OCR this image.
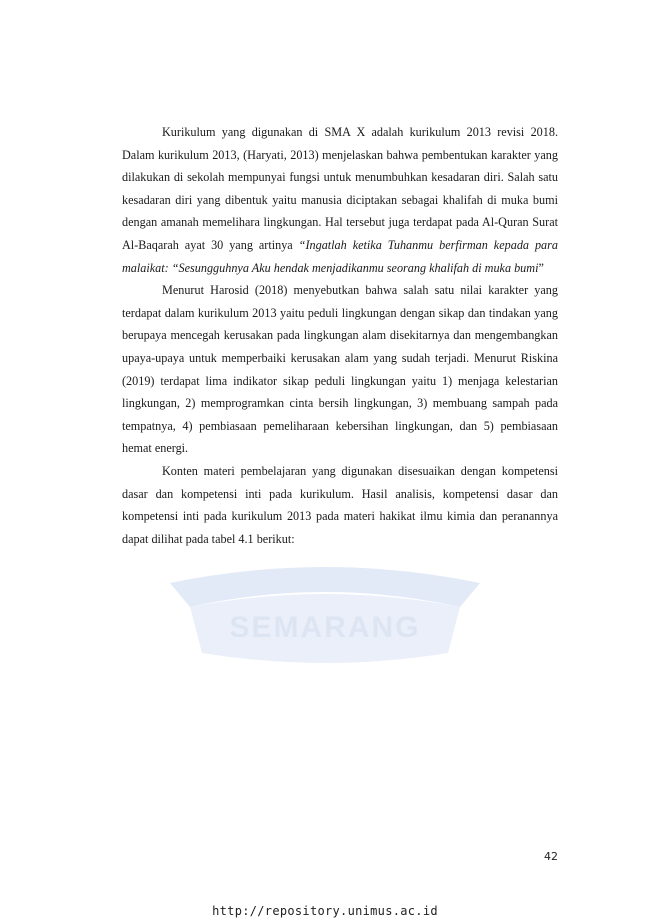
SEMARANG

Kurikulum yang digunakan di SMA X adalah kurikulum 2013 revisi 2018. Dalam kurikulum 2013, (Haryati, 2013) menjelaskan bahwa pembentukan karakter yang dilakukan di sekolah mempunyai fungsi untuk menumbuhkan kesadaran diri. Salah satu kesadaran diri yang dibentuk yaitu manusia diciptakan sebagai khalifah di muka bumi dengan amanah memelihara lingkungan. Hal tersebut juga terdapat pada Al-Quran Surat Al-Baqarah ayat 30 yang artinya “Ingatlah ketika Tuhanmu berfirman kepada para malaikat: “Sesungguhnya Aku hendak menjadikanmu seorang khalifah di muka bumi”

Menurut Harosid (2018) menyebutkan bahwa salah satu nilai karakter yang terdapat dalam kurikulum 2013 yaitu peduli lingkungan dengan sikap dan tindakan yang berupaya mencegah kerusakan pada lingkungan alam disekitarnya dan mengembangkan upaya-upaya untuk memperbaiki kerusakan alam yang sudah terjadi. Menurut Riskina (2019) terdapat lima indikator sikap peduli lingkungan yaitu 1) menjaga kelestarian lingkungan, 2) memprogramkan cinta bersih lingkungan, 3) membuang sampah pada tempatnya, 4) pembiasaan pemeliharaan kebersihan lingkungan, dan 5) pembiasaan hemat energi.

Konten materi pembelajaran yang digunakan disesuaikan dengan kompetensi dasar dan kompetensi inti pada kurikulum. Hasil analisis, kompetensi dasar dan kompetensi inti pada kurikulum 2013 pada materi hakikat ilmu kimia dan peranannya dapat dilihat pada tabel 4.1 berikut:

42
http://repository.unimus.ac.id
